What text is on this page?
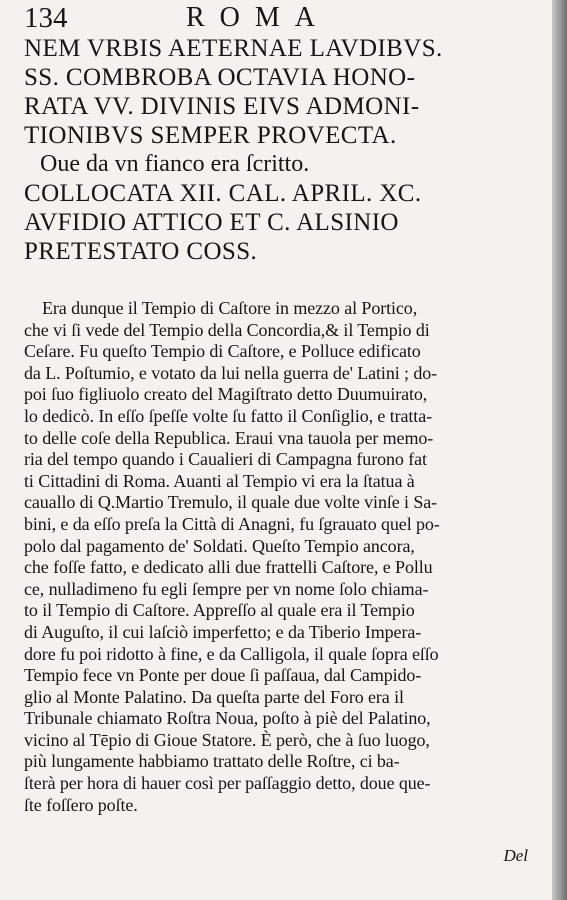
134	ROMA
NEM VRBIS AETERNAE LAVDIBVS.
SS. COMBROBA OCTAVIA HONO-
RATA VV. DIVINIS EIVS ADMONI-
TIONIBVS SEMPER PROVECTA.
Oue da vn fianco era ſcritto.
COLLOCATA XII. CAL. APRIL. XC.
AVFIDIO ATTICO ET C. ALSINIO
PRETESTATO COSS.
Era dunque il Tempio di Caſtore in mezzo al Portico,
che vi ſi vede del Tempio della Concordia,& il Tempio di
Ceſare. Fu queſto Tempio di Caſtore, e Polluce edificato
da L. Poſtumio, e votato da lui nella guerra de' Latini ; do-
poi ſuo figliuolo creato del Magiſtrato detto Duumuirato,
lo dedicò. In eſſo ſpeſſe volte ſu fatto il Conſiglio, e tratta-
to delle coſe della Republica. Eraui vna tauola per memo-
ria del tempo quando i Caualieri di Campagna furono fat
ti Cittadini di Roma. Auanti al Tempio vi era la ſtatua à
cauallo di Q.Martio Tremulo, il quale due volte vinſe i Sa-
bini, e da eſſo preſa la Città di Anagni, fu ſgrauato quel po-
polo dal pagamento de' Soldati. Queſto Tempio ancora,
che foſſe fatto, e dedicato alli due frattelli Caſtore, e Pollu
ce, nulladimeno fu egli ſempre per vn nome ſolo chiama-
to il Tempio di Caſtore. Appreſſo al quale era il Tempio
di Auguſto, il cui laſciò imperfetto; e da Tiberio Impera-
dore fu poi ridotto à fine, e da Calligola, il quale ſopra eſſo
Tempio fece vn Ponte per doue ſi paſſaua, dal Campido-
glio al Monte Palatino. Da queſta parte del Foro era il
Tribunale chiamato Roſtra Noua, poſto à piè del Palatino,
vicino al Tēpio di Gioue Statore. È però, che à ſuo luogo,
più lungamente habbiamo trattato delle Roſtre, ci ba-
ſterà per hora di hauer così per paſſaggio detto, doue que-
ſte foſſero poſte.
Del
